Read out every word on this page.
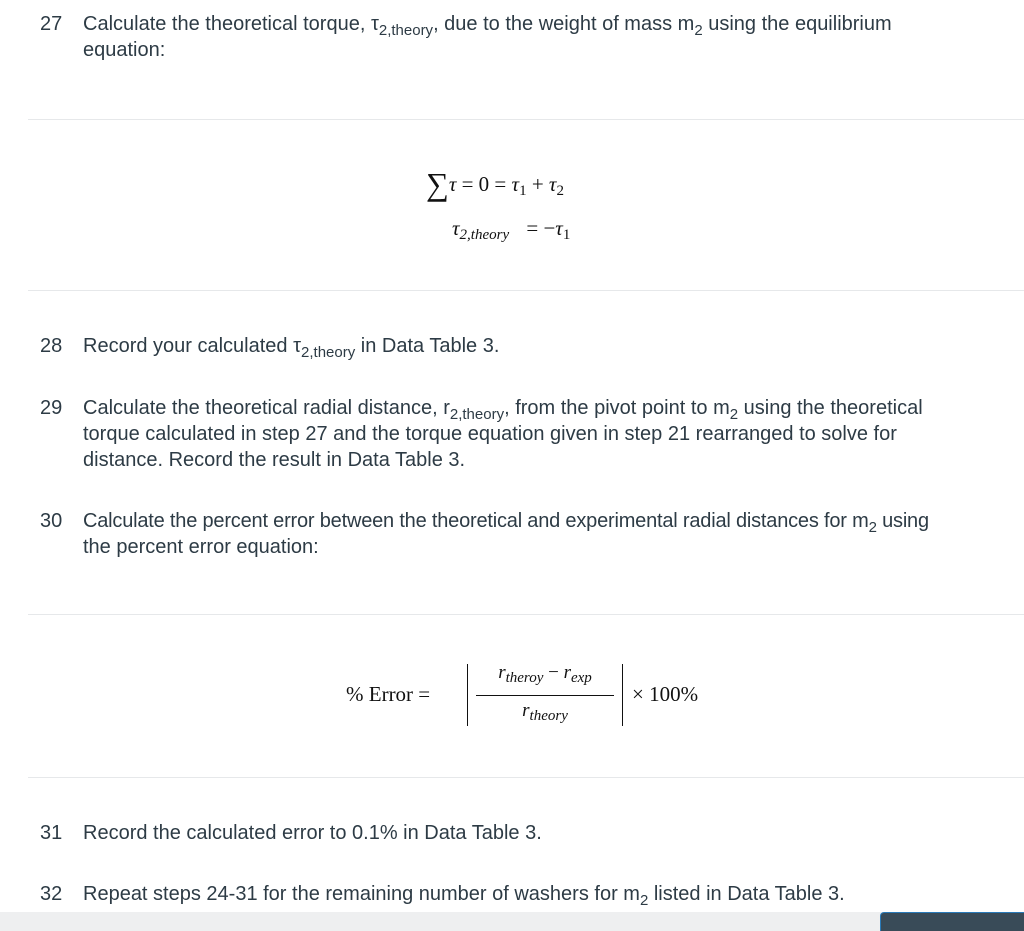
27	Calculate the theoretical torque, $\tau_{2,theory}$, due to the weight of mass $m_2$ using the equilibrium
equation:
∑τ = 0 = τ1 + τ2
τ2,theory = −τ1
28	Record your calculated $\tau_{2,theory}$ in Data Table 3.
29	Calculate the theoretical radial distance, $r_{2,theory}$, from the pivot point to $m_2$ using the theoretical
torque calculated in step 27 and the torque equation given in step 21 rearranged to solve for
distance. Record the result in Data Table 3.
30	Calculate the percent error between the theoretical and experimental radial distances for $m_2$ using
the percent error equation:
% Error =
$r_{theroy} - r_{exp}$
$r_{theory}$
× 100%
31	Record the calculated error to 0.1% in Data Table 3.
32	Repeat steps 24-31 for the remaining number of washers for $m_2$ listed in Data Table 3.
